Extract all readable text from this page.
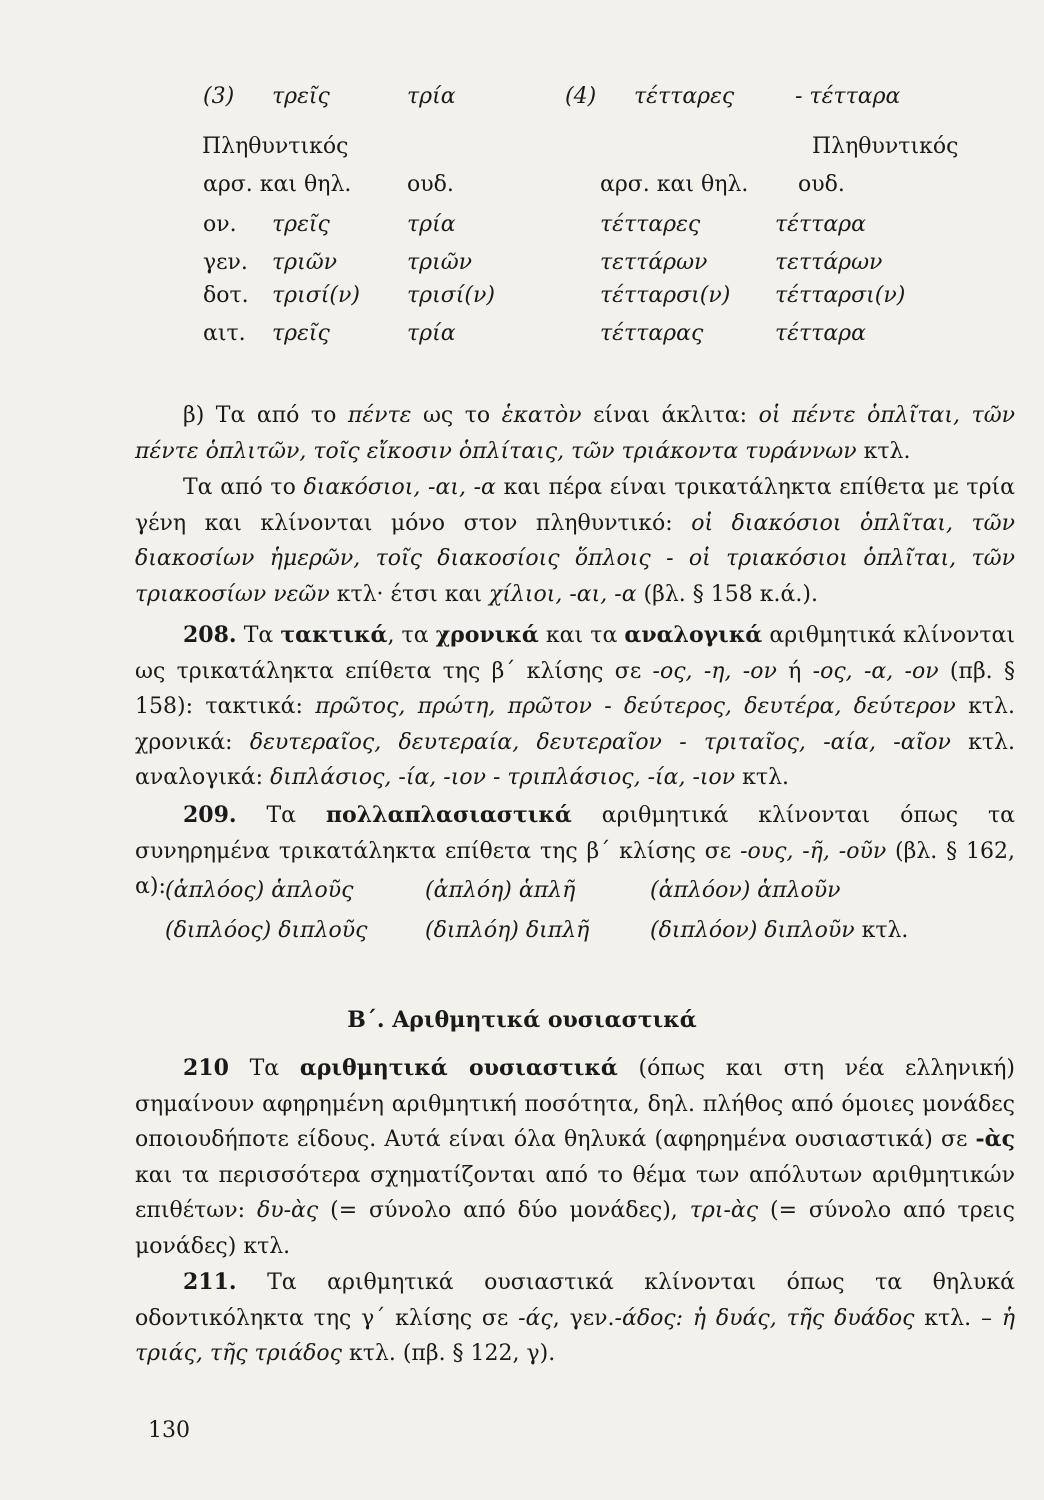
(3) τρεῖς	τρία	(4) τέτταρες	- τέτταρα
Πληθυντικός	Πληθυντικός
αρσ. και θηλ.	ουδ.	αρσ. και θηλ. ουδ.
ον. τρεῖς	τρία	τέτταρες	τέτταρα
γεν. τριῶν	τριῶν	τεττάρων	τεττάρων
δοτ. τρισί(ν) τρισί(ν)	τέτταρσι(ν) τέτταρσι(ν)
αιτ. τρεῖς	τρία	τέτταρας	τέτταρα
β) Τα από το πέντε ως το ἑκατὸν είναι άκλιτα: οἱ πέντε ὁπλῖται, τῶν πέντε ὁπλιτῶν, τοῖς εἴκοσιν ὁπλίταις, τῶν τριάκοντα τυράννων κτλ.
Τα από το διακόσιοι, -αι, -α και πέρα είναι τρικατάληκτα επίθετα με τρία γένη και κλίνονται μόνο στον πληθυντικό: οἱ διακόσιοι ὁπλῖται, τῶν διακοσίων ἡμερῶν, τοῖς διακοσίοις ὅπλοις - οἱ τριακόσιοι ὁπλῖται, τῶν τριακοσίων νεῶν κτλ· έτσι και χίλιοι, -αι, -α (βλ. § 158 κ.ά.).
208. Τα τακτικά, τα χρονικά και τα αναλογικά αριθμητικά κλίνονται ως τρικατάληκτα επίθετα της β΄ κλίσης σε -ος, -η, -ον ή -ος, -α, -ον (πβ. § 158): τακτικά: πρῶτος, πρώτη, πρῶτον - δεύτερος, δευτέρα, δεύτερον κτλ. χρονικά: δευτεραῖος, δευτεραία, δευτεραῖον - τριταῖος, -αία, -αῖον κτλ. αναλογικά: διπλάσιος, -ία, -ιον - τριπλάσιος, -ία, -ιον κτλ.
209. Τα πολλαπλασιαστικά αριθμητικά κλίνονται όπως τα συνηρημένα τρικατάληκτα επίθετα της β΄ κλίσης σε -ους, -ῆ, -οῦν (βλ. § 162, α): (ἁπλόος) ἁπλοῦς	(ἁπλόη) ἁπλῆ	(ἁπλόον) ἁπλοῦν
(διπλόος) διπλοῦς	(διπλόη) διπλῆ	(διπλόον) διπλοῦν κτλ.
Β΄. Αριθμητικά ουσιαστικά
210 Τα αριθμητικά ουσιαστικά (όπως και στη νέα ελληνική) σημαίνουν αφηρημένη αριθμητική ποσότητα, δηλ. πλήθος από όμοιες μονάδες οποιουδήποτε είδους. Αυτά είναι όλα θηλυκά (αφηρημένα ουσιαστικά) σε -ὰς και τα περισσότερα σχηματίζονται από το θέμα των απόλυτων αριθμητικών επιθέτων: δυ-ὰς (= σύνολο από δύο μονάδες), τρι-ὰς (= σύνολο από τρεις μονάδες) κτλ.
211. Τα αριθμητικά ουσιαστικά κλίνονται όπως τα θηλυκά οδοντικόληκτα της γ΄ κλίσης σε -άς, γεν.-άδος: ἡ δυάς, τῆς δυάδος κτλ. – ἡ τριάς, τῆς τριάδος κτλ. (πβ. § 122, γ).
130
